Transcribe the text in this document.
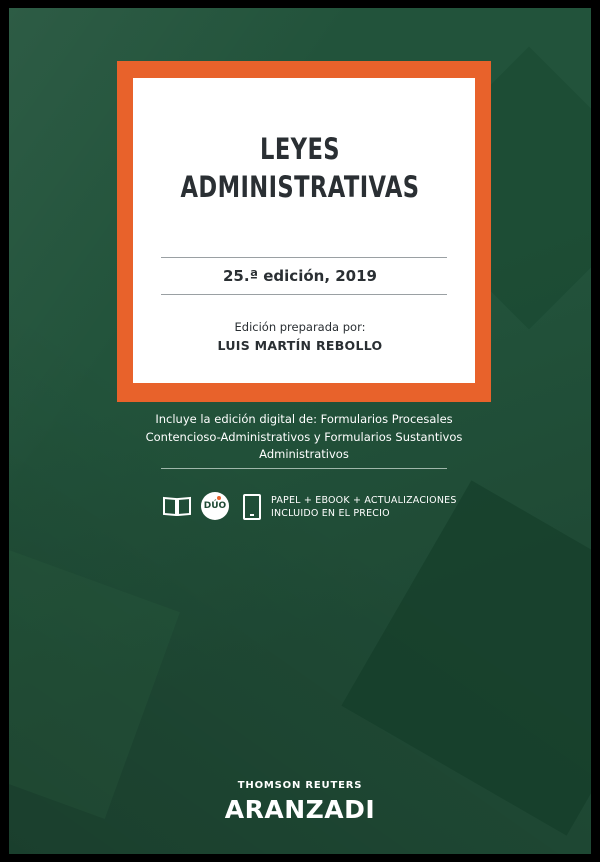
LEYES
ADMINISTRATIVAS
25.ª edición, 2019
Edición preparada por:
LUIS MARTÍN REBOLLO
Incluye la edición digital de: Formularios Procesales
Contencioso-Administrativos y Formularios Sustantivos
Administrativos
DÚO	PAPEL + EBOOK + ACTUALIZACIONES
INCLUIDO EN EL PRECIO
THOMSON REUTERS
ARANZADI
